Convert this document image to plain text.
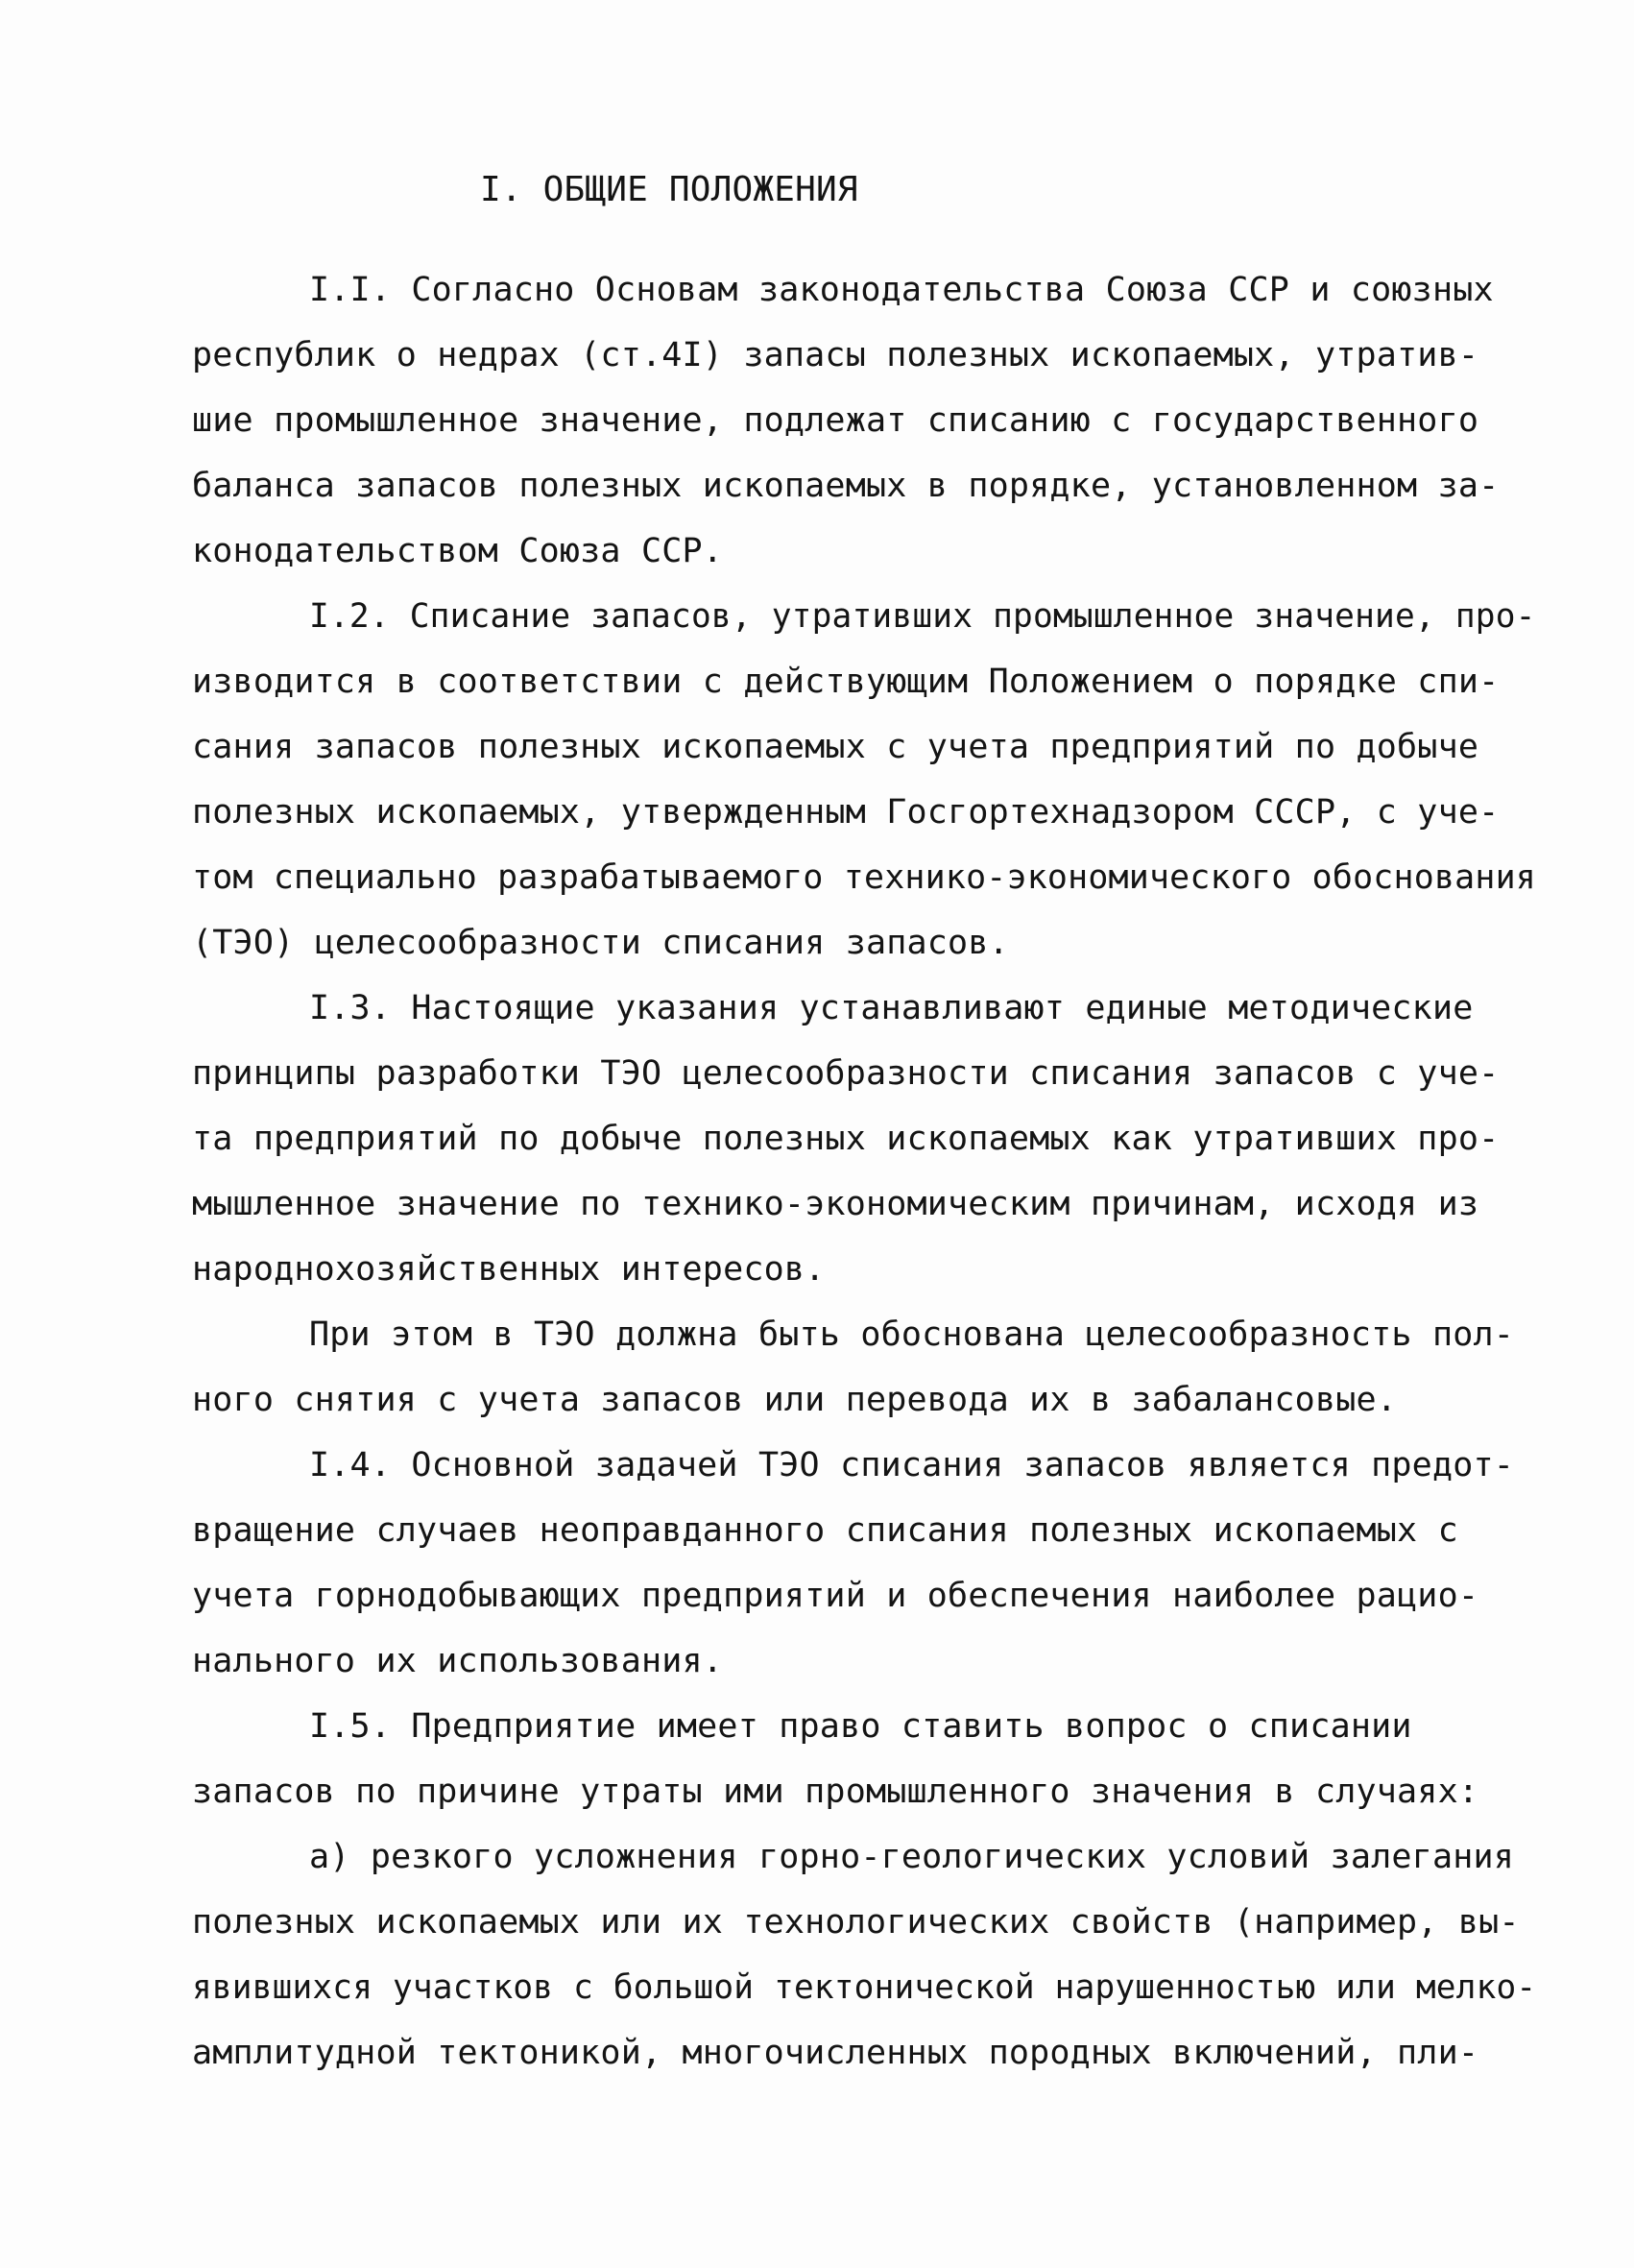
I. ОБЩИЕ ПОЛОЖЕНИЯ
I.I. Согласно Основам законодательства Союза ССР и союзных
республик о недрах (ст.4I) запасы полезных ископаемых, утратив-
шие промышленное значение, подлежат списанию с государственного
баланса запасов полезных ископаемых в порядке, установленном за-
конодательством Союза ССР.
I.2. Списание запасов, утративших промышленное значение, про-
изводится в соответствии с действующим Положением о порядке спи-
сания запасов полезных ископаемых с учета предприятий по добыче
полезных ископаемых, утвержденным Госгортехнадзором СССР, с уче-
том специально разрабатываемого технико-экономического обоснования
(ТЭО) целесообразности списания запасов.
I.3. Настоящие указания устанавливают единые методические
принципы разработки ТЭО целесообразности списания запасов с уче-
та предприятий по добыче полезных ископаемых как утративших про-
мышленное значение по технико-экономическим причинам, исходя из
народнохозяйственных интересов.
При этом в ТЭО должна быть обоснована целесообразность пол-
ного снятия с учета запасов или перевода их в забалансовые.
I.4. Основной задачей ТЭО списания запасов является предот-
вращение случаев неоправданного списания полезных ископаемых с
учета горнодобывающих предприятий и обеспечения наиболее рацио-
нального их использования.
I.5. Предприятие имеет право ставить вопрос о списании
запасов по причине утраты ими промышленного значения в случаях:
а) резкого усложнения горно-геологических условий залегания
полезных ископаемых или их технологических свойств (например, вы-
явившихся участков с большой тектонической нарушенностью или мелко-
амплитудной тектоникой, многочисленных породных включений, пли-
